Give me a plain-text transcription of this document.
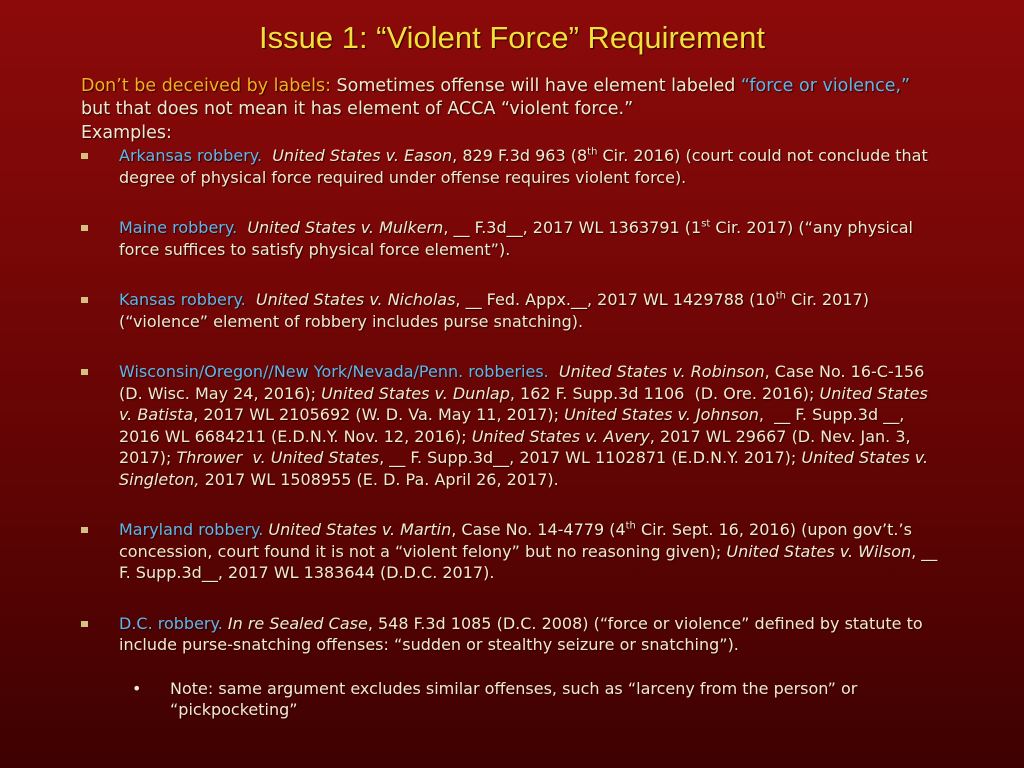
Issue 1: “Violent Force” Requirement

Don’t be deceived by labels: Sometimes offense will have element labeled “force or violence,” but that does not mean it has element of ACCA “violent force.”

Examples:

Arkansas robbery. United States v. Eason, 829 F.3d 963 (8th Cir. 2016) (court could not conclude that degree of physical force required under offense requires violent force).
Maine robbery. United States v. Mulkern, __ F.3d__, 2017 WL 1363791 (1st Cir. 2017) (“any physical force suffices to satisfy physical force element”).
Kansas robbery. United States v. Nicholas, __ Fed. Appx.__, 2017 WL 1429788 (10th Cir. 2017) (“violence” element of robbery includes purse snatching).
Wisconsin/Oregon//New York/Nevada/Penn. robberies. United States v. Robinson, Case No. 16-C-156 (D. Wisc. May 24, 2016); United States v. Dunlap, 162 F. Supp.3d 1106  (D. Ore. 2016); United States v. Batista, 2017 WL 2105692 (W. D. Va. May 11, 2017); United States v. Johnson,  __ F. Supp.3d __, 2016 WL 6684211 (E.D.N.Y. Nov. 12, 2016); United States v. Avery, 2017 WL 29667 (D. Nev. Jan. 3, 2017); Thrower  v. United States, __ F. Supp.3d__, 2017 WL 1102871 (E.D.N.Y. 2017); United States v. Singleton, 2017 WL 1508955 (E. D. Pa. April 26, 2017).
Maryland robbery. United States v. Martin, Case No. 14-4779 (4th Cir. Sept. 16, 2016) (upon gov’t.’s concession, court found it is not a “violent felony” but no reasoning given); United States v. Wilson, __ F. Supp.3d__, 2017 WL 1383644 (D.D.C. 2017).
D.C. robbery. In re Sealed Case, 548 F.3d 1085 (D.C. 2008) (“force or violence” defined by statute to include purse-snatching offenses: “sudden or stealthy seizure or snatching”).
• Note: same argument excludes similar offenses, such as “larceny from the person” or “pickpocketing”
